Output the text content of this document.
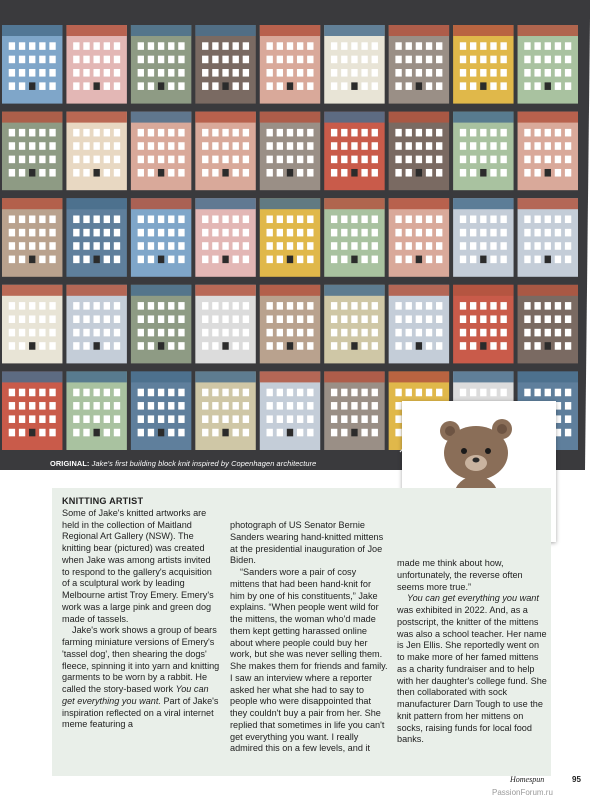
ORIGINAL: Jake's first building block knit inspired by Copenhagen architecture
KNITTING ARTIST

Some of Jake's knitted artworks are held in the collection of Maitland Regional Art Gallery (NSW). The knitting bear (pictured) was created when Jake was among artists invited to respond to the gallery's acquisition of a sculptural work by leading Melbourne artist Troy Emery. Emery's work was a large pink and green dog made of tassels.

Jake's work shows a group of bears farming miniature versions of Emery's 'tassel dog', then shearing the dogs' fleece, spinning it into yarn and knitting garments to be worn by a rabbit. He called the story-based work You can get everything you want. Part of Jake's inspiration reflected on a viral internet meme featuring a

photograph of US Senator Bernie Sanders wearing hand-knitted mittens at the presidential inauguration of Joe Biden.

“Sanders wore a pair of cosy mittens that had been hand-knit for him by one of his constituents,” Jake explains. “When people went wild for the mittens, the woman who'd made them kept getting harassed online about where people could buy her work, but she was never selling them. She makes them for friends and family. I saw an interview where a reporter asked her what she had to say to people who were disappointed that they couldn't buy a pair from her. She replied that sometimes in life you can't get everything you want. I really admired this on a few levels, and it

made me think about how, unfortunately, the reverse often seems more true.”

You can get everything you want was exhibited in 2022. And, as a postscript, the knitter of the mittens was also a school teacher. Her name is Jen Ellis. She reportedly went on to make more of her famed mittens as a charity fundraiser and to help with her daughter's college fund. She then collaborated with sock manufacturer Darn Tough to use the knit pattern from her mittens on socks, raising funds for local food banks.

Homespun	95
PassionForum.ru
